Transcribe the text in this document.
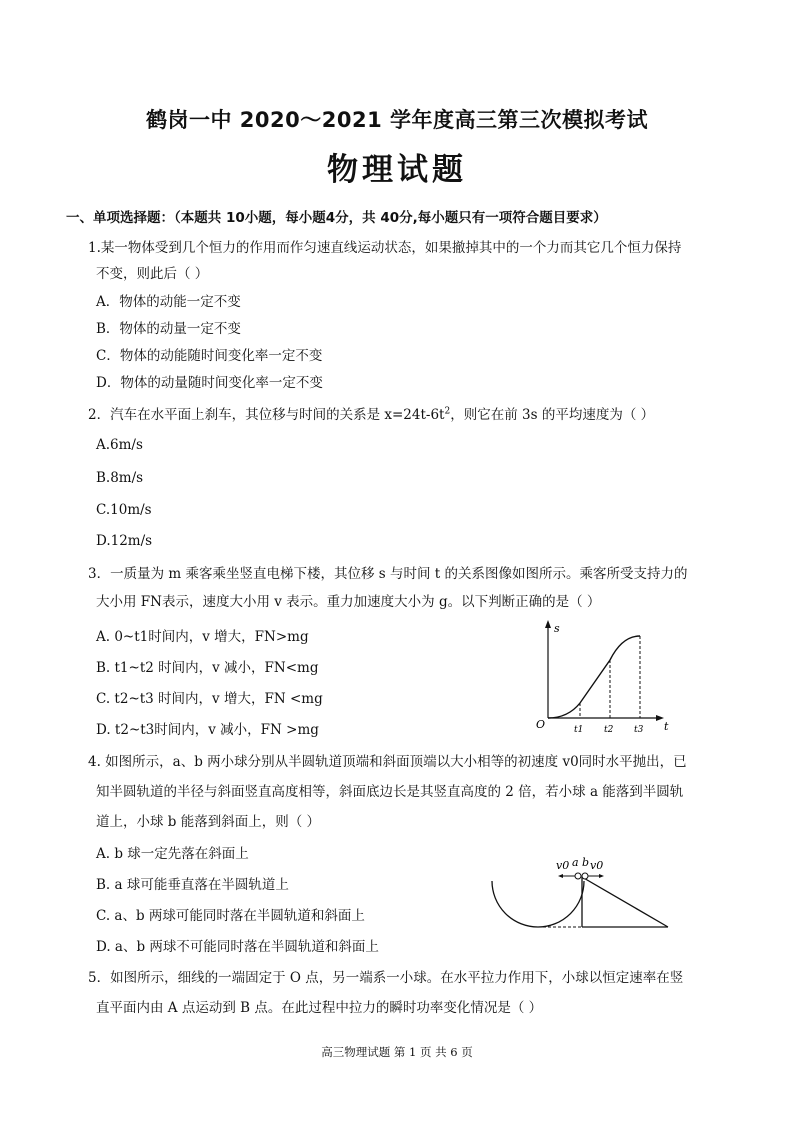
鹤岗一中 2020～2021 学年度高三第三次模拟考试
物理试题
一、单项选择题：（本题共 10小题，每小题4分，共 40分,每小题只有一项符合题目要求）
1.某一物体受到几个恒力的作用而作匀速直线运动状态，如果撤掉其中的一个力而其它几个恒力保持
不变，则此后（ ）
A．物体的动能一定不变
B．物体的动量一定不变
C．物体的动能随时间变化率一定不变
D．物体的动量随时间变化率一定不变
2．汽车在水平面上刹车，其位移与时间的关系是 $x=24t-6t^2$，则它在前 3s 的平均速度为（ ）
A.6m/s
B.8m/s
C.10m/s
D.12m/s
3．一质量为 m 乘客乘坐竖直电梯下楼，其位移 s 与时间 t 的关系图像如图所示。乘客所受支持力的
大小用 FN表示，速度大小用 v 表示。重力加速度大小为 g。以下判断正确的是（ ）
A. 0~t1时间内，v 增大，FN>mg
B. t1~t2 时间内，v 减小，FN<mg
C. t2~t3 时间内，v 增大，FN <mg
D. t2~t3时间内，v 减小，FN >mg
s
t
O	t1 t2 t3
4. 如图所示，a、b 两小球分别从半圆轨道顶端和斜面顶端以大小相等的初速度 v0同时水平抛出，已
知半圆轨道的半径与斜面竖直高度相等，斜面底边长是其竖直高度的 2 倍，若小球 a 能落到半圆轨
道上，小球 b 能落到斜面上，则（ ）
A. b 球一定先落在斜面上
B. a 球可能垂直落在半圆轨道上
C. a、b 两球可能同时落在半圆轨道和斜面上
D. a、b 两球不可能同时落在半圆轨道和斜面上
v0 a b v0
5．如图所示，细线的一端固定于 O 点，另一端系一小球。在水平拉力作用下，小球以恒定速率在竖
直平面内由 A 点运动到 B 点。在此过程中拉力的瞬时功率变化情况是（ ）
高三物理试题 第 1 页 共 6 页
